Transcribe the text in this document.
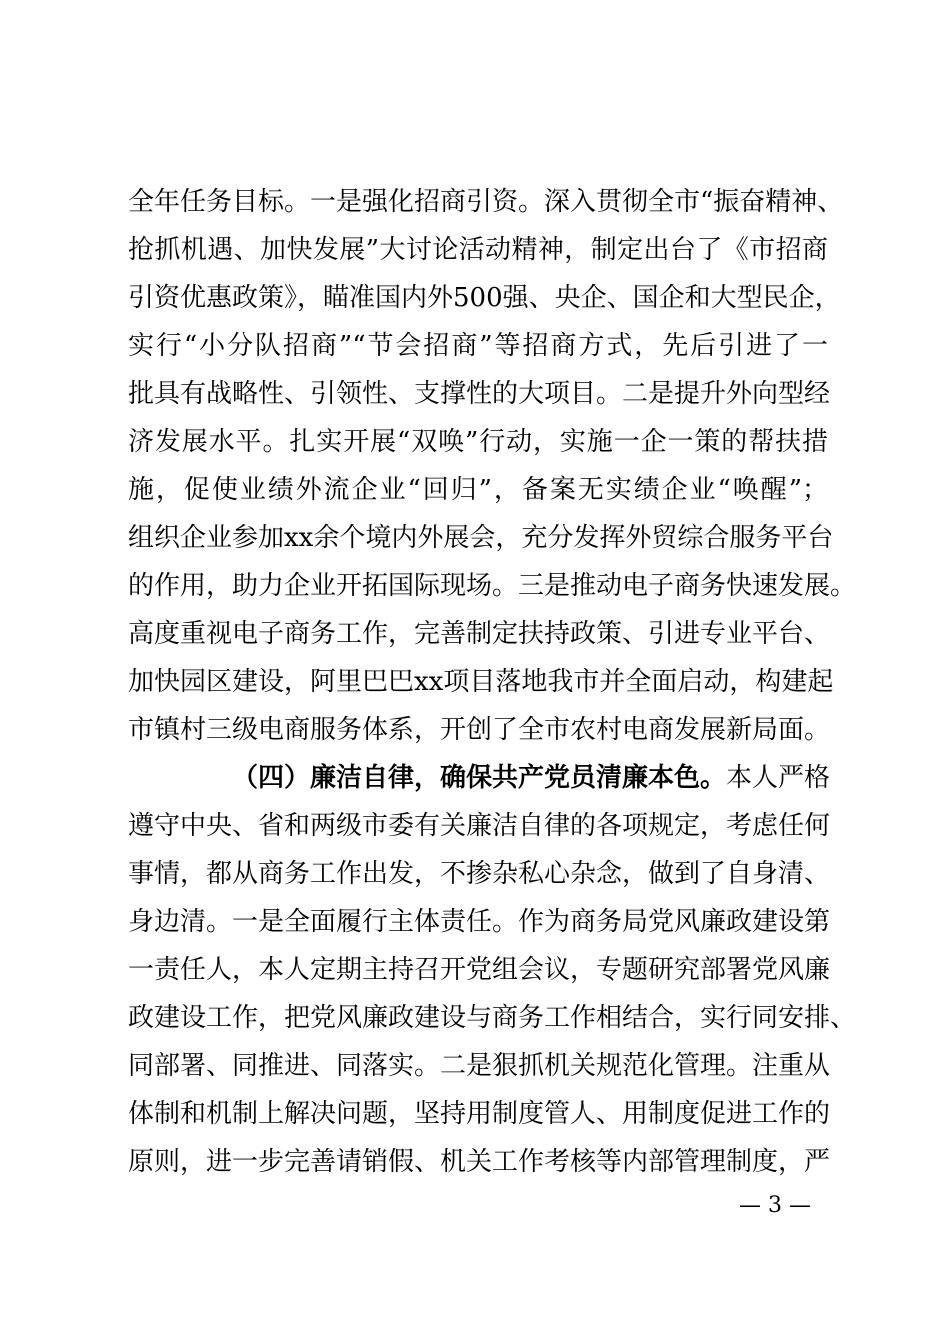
全年任务目标。一是强化招商引资。深入贯彻全市“振奋精神、
抢抓机遇、加快发展”大讨论活动精神，制定出台了《市招商
引资优惠政策》，瞄准国内外500强、央企、国企和大型民企，
实行“小分队招商”“节会招商”等招商方式，先后引进了一
批具有战略性、引领性、支撑性的大项目。二是提升外向型经
济发展水平。扎实开展“双唤”行动，实施一企一策的帮扶措
施，促使业绩外流企业“回归”，备案无实绩企业“唤醒”；
组织企业参加xx余个境内外展会，充分发挥外贸综合服务平台
的作用，助力企业开拓国际现场。三是推动电子商务快速发展。
高度重视电子商务工作，完善制定扶持政策、引进专业平台、
加快园区建设，阿里巴巴xx项目落地我市并全面启动，构建起
市镇村三级电商服务体系，开创了全市农村电商发展新局面。
（四）廉洁自律，确保共产党员清廉本色。本人严格
遵守中央、省和两级市委有关廉洁自律的各项规定，考虑任何
事情，都从商务工作出发，不掺杂私心杂念，做到了自身清、
身边清。一是全面履行主体责任。作为商务局党风廉政建设第
一责任人，本人定期主持召开党组会议，专题研究部署党风廉
政建设工作，把党风廉政建设与商务工作相结合，实行同安排、
同部署、同推进、同落实。二是狠抓机关规范化管理。注重从
体制和机制上解决问题，坚持用制度管人、用制度促进工作的
原则，进一步完善请销假、机关工作考核等内部管理制度，严
— 3 —
